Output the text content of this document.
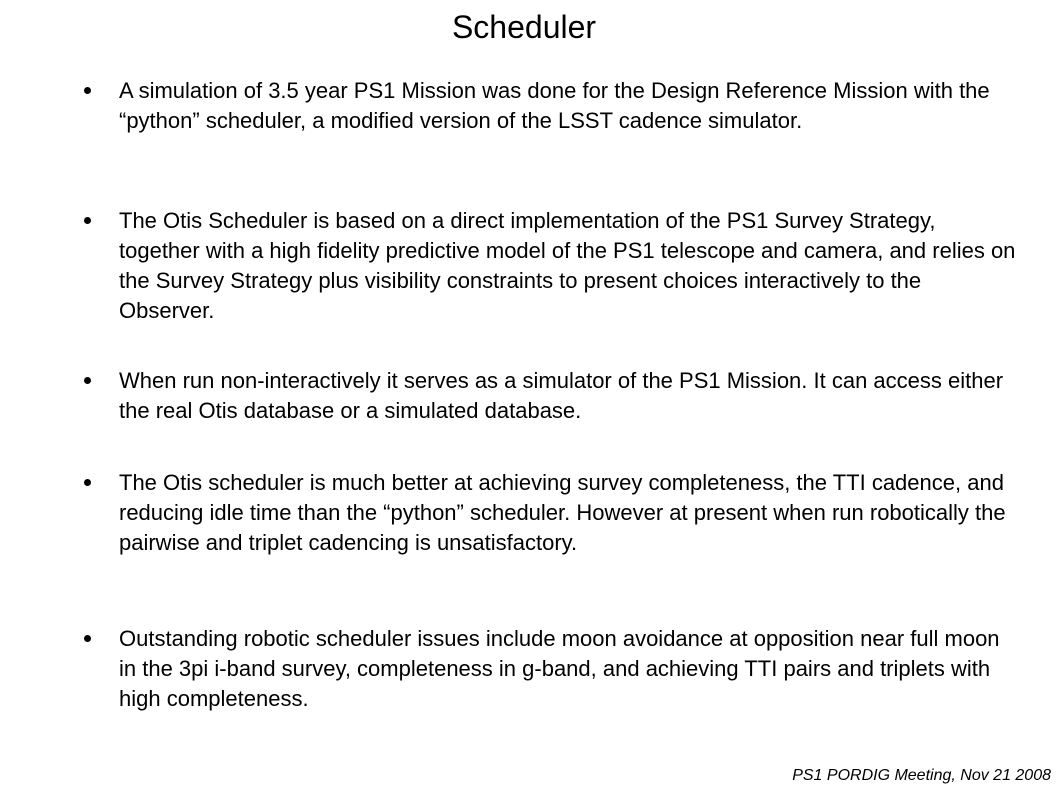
Scheduler
A simulation of 3.5 year PS1 Mission was done for the Design Reference Mission with the “python” scheduler, a modified version of the LSST cadence simulator.
The Otis Scheduler is based on a direct implementation of the PS1 Survey Strategy, together with a high fidelity predictive model of the PS1 telescope and camera, and relies on the Survey Strategy plus visibility constraints to present choices interactively to the Observer.
When run non-interactively it serves as a simulator of the PS1 Mission. It can access either the real Otis database or a simulated database.
The Otis scheduler is much better at achieving survey completeness, the TTI cadence, and reducing idle time than the “python” scheduler. However at present when run robotically the pairwise and triplet cadencing is unsatisfactory.
Outstanding robotic scheduler issues include moon avoidance at opposition near full moon in the 3pi i-band survey, completeness in g-band, and achieving TTI pairs and triplets with high completeness.
PS1 PORDIG Meeting, Nov 21 2008
